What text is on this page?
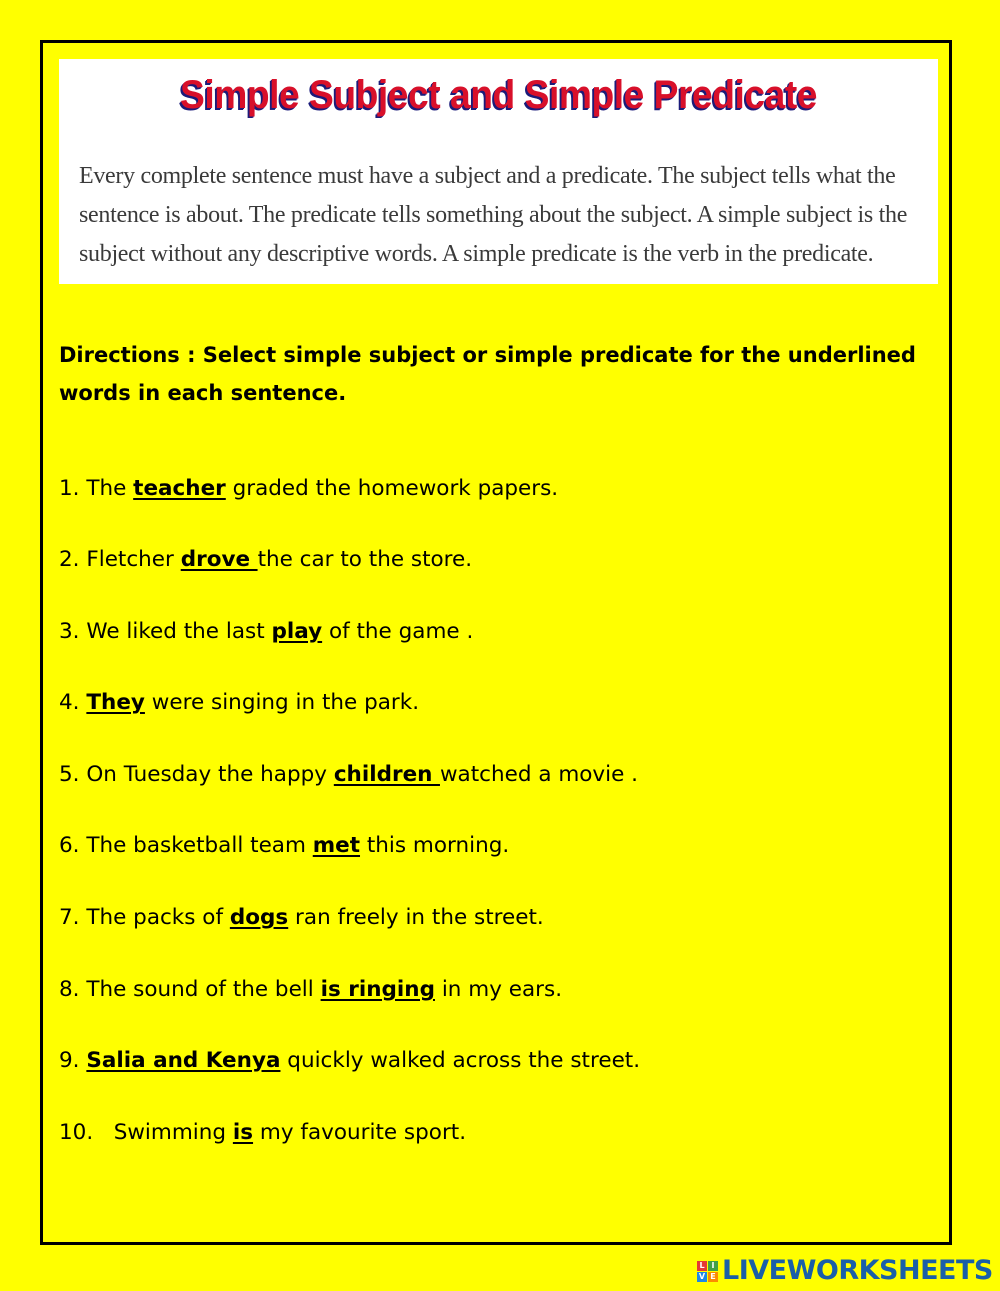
Simple Subject and Simple Predicate
Every complete sentence must have a subject and a predicate. The subject tells what the sentence is about. The predicate tells something about the subject. A simple subject is the subject without any descriptive words. A simple predicate is the verb in the predicate.
Directions : Select simple subject or simple predicate for the underlined words in each sentence.
1. The teacher graded the homework papers.
2. Fletcher drove the car to the store.
3. We liked the last play of the game .
4. They were singing in the park.
5. On Tuesday the happy children watched a movie .
6. The basketball team met this morning.
7. The packs of dogs ran freely in the street.
8. The sound of the bell is ringing in my ears.
9. Salia and Kenya quickly walked across the street.
10.   Swimming is my favourite sport.
L I
V E LIVEWORKSHEETS
